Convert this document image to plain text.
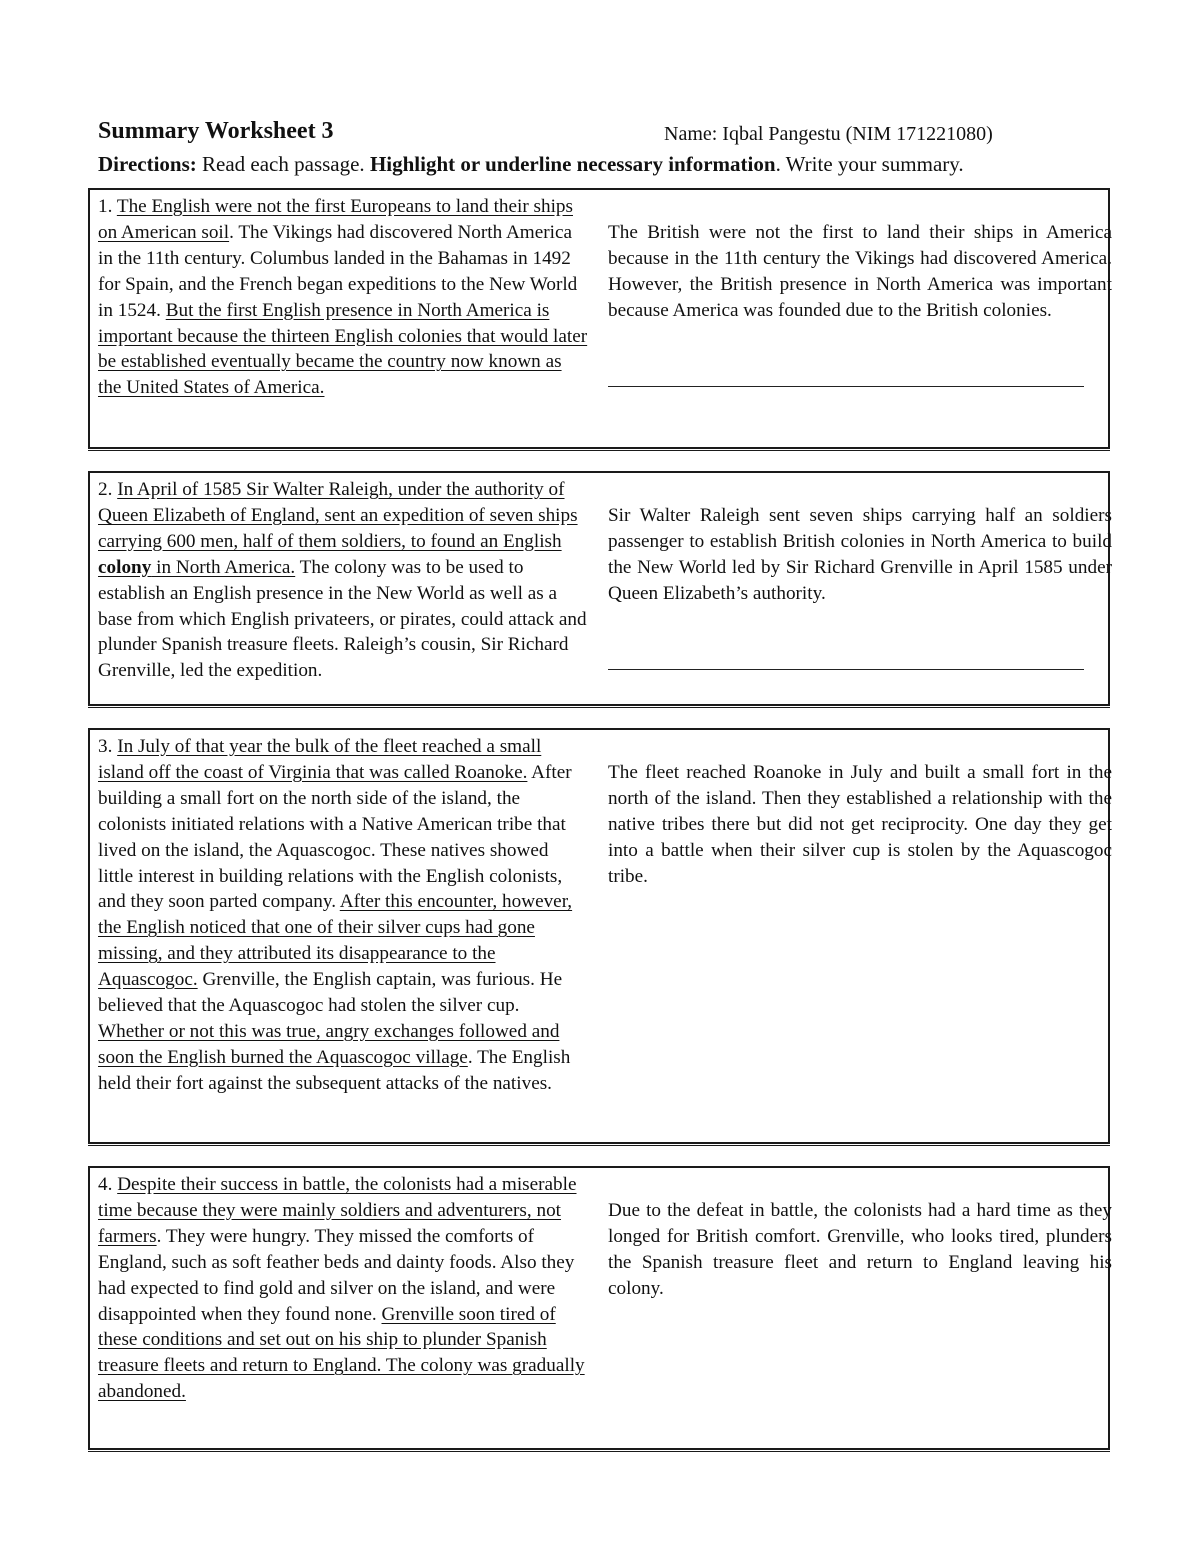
Summary Worksheet 3	Name: Iqbal Pangestu (NIM 171221080)
Directions: Read each passage. Highlight or underline necessary information. Write your summary.
1. The English were not the first Europeans to land their ships on American soil. The Vikings had discovered North America in the 11th century. Columbus landed in the Bahamas in 1492 for Spain, and the French began expeditions to the New World in 1524. But the first English presence in North America is important because the thirteen English colonies that would later be established eventually became the country now known as the United States of America.
The British were not the first to land their ships in America because in the 11th century the Vikings had discovered America. However, the British presence in North America was important because America was founded due to the British colonies.
2. In April of 1585 Sir Walter Raleigh, under the authority of Queen Elizabeth of England, sent an expedition of seven ships carrying 600 men, half of them soldiers, to found an English colony in North America. The colony was to be used to establish an English presence in the New World as well as a base from which English privateers, or pirates, could attack and plunder Spanish treasure fleets. Raleigh’s cousin, Sir Richard Grenville, led the expedition.
Sir Walter Raleigh sent seven ships carrying half an soldiers passenger to establish British colonies in North America to build the New World led by Sir Richard Grenville in April 1585 under Queen Elizabeth’s authority.
3. In July of that year the bulk of the fleet reached a small island off the coast of Virginia that was called Roanoke. After building a small fort on the north side of the island, the colonists initiated relations with a Native American tribe that lived on the island, the Aquascogoc. These natives showed little interest in building relations with the English colonists, and they soon parted company. After this encounter, however, the English noticed that one of their silver cups had gone missing, and they attributed its disappearance to the Aquascogoc. Grenville, the English captain, was furious. He believed that the Aquascogoc had stolen the silver cup. Whether or not this was true, angry exchanges followed and soon the English burned the Aquascogoc village. The English held their fort against the subsequent attacks of the natives.
The fleet reached Roanoke in July and built a small fort in the north of the island. Then they established a relationship with the native tribes there but did not get reciprocity. One day they get into a battle when their silver cup is stolen by the Aquascogoc tribe.
4. Despite their success in battle, the colonists had a miserable time because they were mainly soldiers and adventurers, not farmers. They were hungry. They missed the comforts of England, such as soft feather beds and dainty foods. Also they had expected to find gold and silver on the island, and were disappointed when they found none. Grenville soon tired of these conditions and set out on his ship to plunder Spanish treasure fleets and return to England. The colony was gradually abandoned.
Due to the defeat in battle, the colonists had a hard time as they longed for British comfort. Grenville, who looks tired, plunders the Spanish treasure fleet and return to England leaving his colony.
